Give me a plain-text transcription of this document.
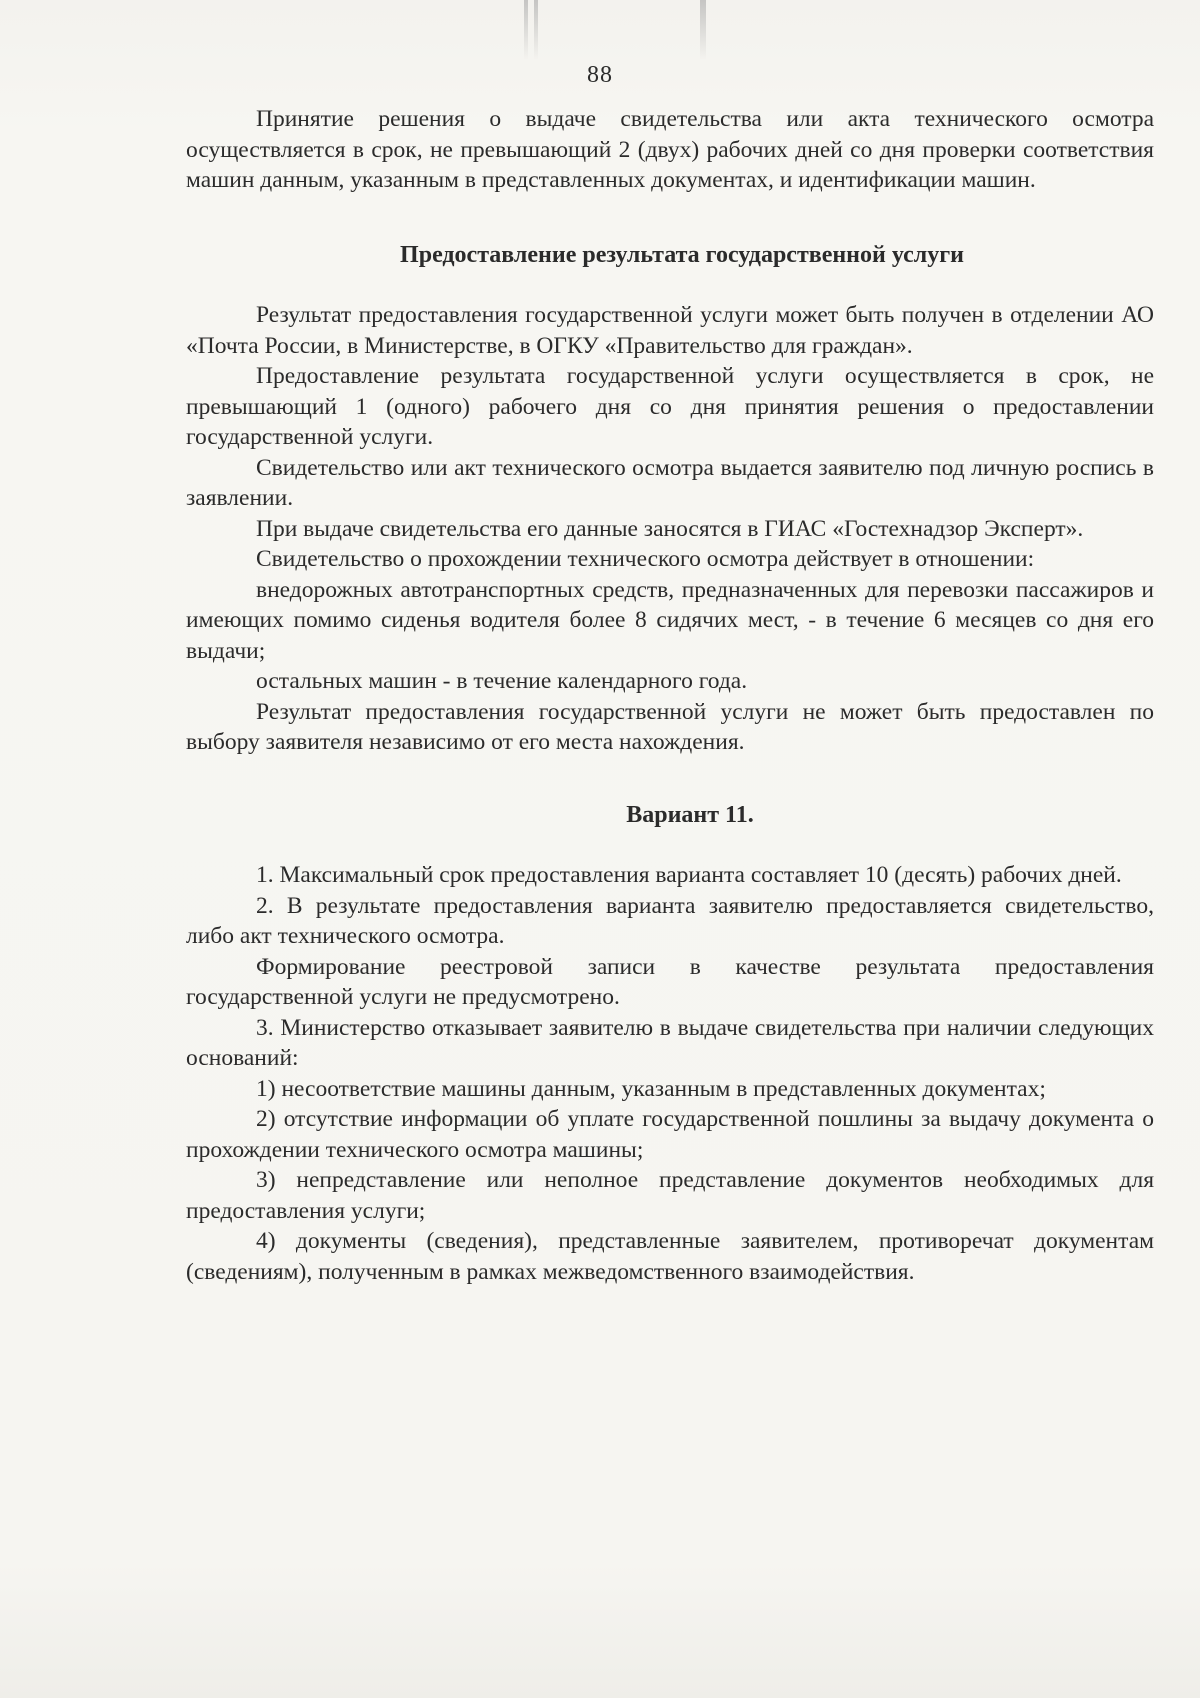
88

Принятие решения о выдаче свидетельства или акта технического осмотра осуществляется в срок, не превышающий 2 (двух) рабочих дней со дня проверки соответствия машин данным, указанным в представленных документах, и идентификации машин.

Предоставление результата государственной услуги

Результат предоставления государственной услуги может быть получен в отделении АО «Почта России, в Министерстве, в ОГКУ «Правительство для граждан».

Предоставление результата государственной услуги осуществляется в срок, не превышающий 1 (одного) рабочего дня со дня принятия решения о предоставлении государственной услуги.

Свидетельство или акт технического осмотра выдается заявителю под личную роспись в заявлении.

При выдаче свидетельства его данные заносятся в ГИАС «Гостехнадзор Эксперт».

Свидетельство о прохождении технического осмотра действует в отношении:

внедорожных автотранспортных средств, предназначенных для перевозки пассажиров и имеющих помимо сиденья водителя более 8 сидячих мест, - в течение 6 месяцев со дня его выдачи;

остальных машин - в течение календарного года.

Результат предоставления государственной услуги не может быть предоставлен по выбору заявителя независимо от его места нахождения.

Вариант 11.

1. Максимальный срок предоставления варианта составляет 10 (десять) рабочих дней.

2. В результате предоставления варианта заявителю предоставляется свидетельство, либо акт технического осмотра.

Формирование реестровой записи в качестве результата предоставления государственной услуги не предусмотрено.

3. Министерство отказывает заявителю в выдаче свидетельства при наличии следующих оснований:

1) несоответствие машины данным, указанным в представленных документах;

2) отсутствие информации об уплате государственной пошлины за выдачу документа о прохождении технического осмотра машины;

3) непредставление или неполное представление документов необходимых для предоставления услуги;

4) документы (сведения), представленные заявителем, противоречат документам (сведениям), полученным в рамках межведомственного взаимодействия.
